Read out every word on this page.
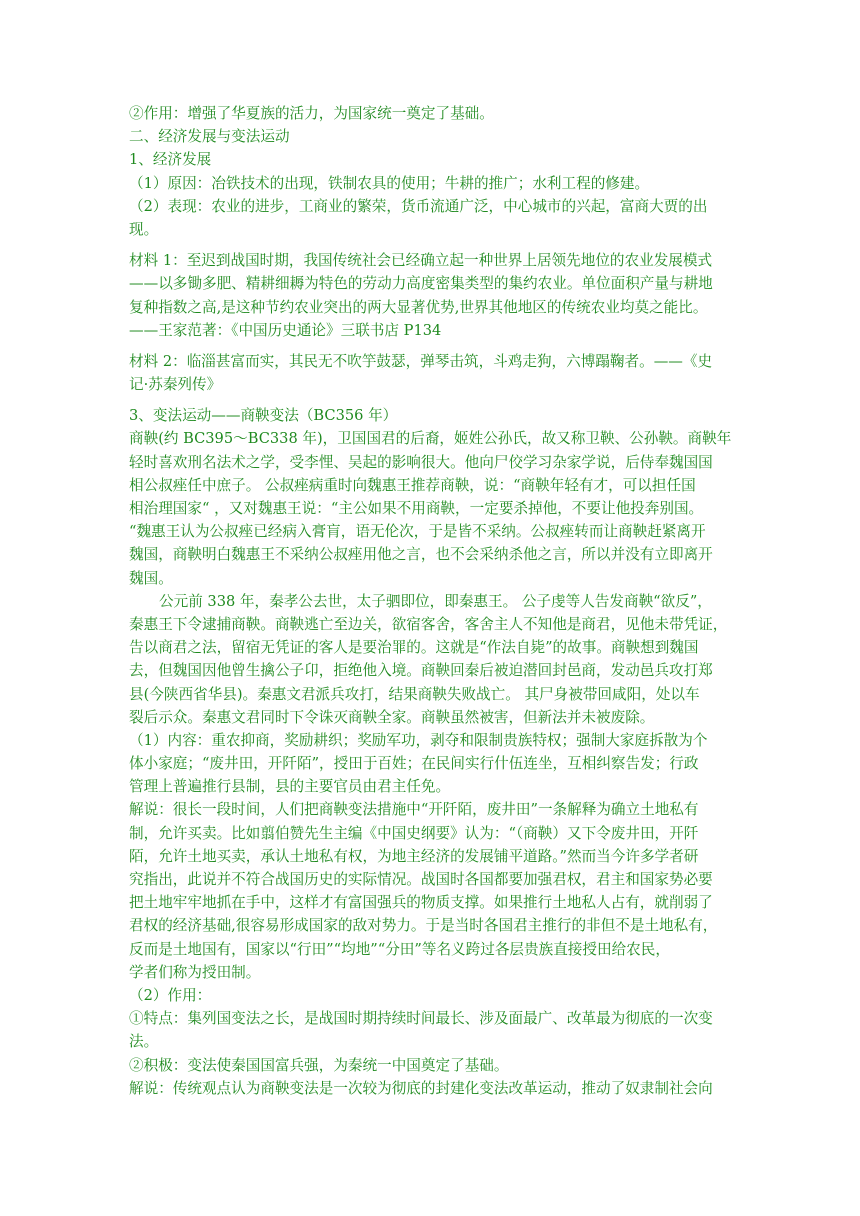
②作用：增强了华夏族的活力，为国家统一奠定了基础。
二、经济发展与变法运动
1、经济发展
（1）原因：冶铁技术的出现，铁制农具的使用；牛耕的推广；水利工程的修建。
（2）表现：农业的进步，工商业的繁荣，货币流通广泛，中心城市的兴起，富商大贾的出
现。
材料 1：至迟到战国时期，我国传统社会已经确立起一种世界上居领先地位的农业发展模式
——以多锄多肥、精耕细耨为特色的劳动力高度密集类型的集约农业。单位面积产量与耕地
复种指数之高,是这种节约农业突出的两大显著优势,世界其他地区的传统农业均莫之能比。
——王家范著：《中国历史通论》三联书店 P134
材料 2：临淄甚富而实，其民无不吹竽鼓瑟，弹琴击筑，斗鸡走狗，六博蹋鞠者。——《史
记·苏秦列传》
3、变法运动——商鞅变法（BC356 年）
商鞅(约 BC395～BC338 年)，卫国国君的后裔，姬姓公孙氏，故又称卫鞅、公孙鞅。商鞅年
轻时喜欢刑名法术之学，受李悝、吴起的影响很大。他向尸佼学习杂家学说，后侍奉魏国国
相公叔痤任中庶子。 公叔痤病重时向魏惠王推荐商鞅，说：“商鞅年轻有才，可以担任国
相治理国家“ ，又对魏惠王说：“主公如果不用商鞅，一定要杀掉他，不要让他投奔别国。
“魏惠王认为公叔痤已经病入膏肓，语无伦次，于是皆不采纳。公叔痤转而让商鞅赶紧离开
魏国，商鞅明白魏惠王不采纳公叔痤用他之言，也不会采纳杀他之言，所以并没有立即离开
魏国。
公元前 338 年，秦孝公去世，太子驷即位，即秦惠王。 公子虔等人告发商鞅“欲反”，
秦惠王下令逮捕商鞅。商鞅逃亡至边关，欲宿客舍，客舍主人不知他是商君，见他未带凭证，
告以商君之法，留宿无凭证的客人是要治罪的。这就是“作法自毙”的故事。商鞅想到魏国
去，但魏国因他曾生擒公子卬，拒绝他入境。商鞅回秦后被迫潜回封邑商，发动邑兵攻打郑
县(今陕西省华县)。秦惠文君派兵攻打，结果商鞅失败战亡。 其尸身被带回咸阳，处以车
裂后示众。秦惠文君同时下令诛灭商鞅全家。商鞅虽然被害，但新法并未被废除。
（1）内容：重农抑商，奖励耕织；奖励军功，剥夺和限制贵族特权；强制大家庭拆散为个
体小家庭；“废井田，开阡陌”，授田于百姓；在民间实行什伍连坐，互相纠察告发；行政
管理上普遍推行县制，县的主要官员由君主任免。
解说：很长一段时间，人们把商鞅变法措施中“开阡陌，废井田”一条解释为确立土地私有
制，允许买卖。比如翦伯赞先生主编《中国史纲要》认为：“（商鞅）又下令废井田，开阡
陌，允许土地买卖，承认土地私有权，为地主经济的发展铺平道路。”然而当今许多学者研
究指出，此说并不符合战国历史的实际情况。战国时各国都要加强君权，君主和国家势必要
把土地牢牢地抓在手中，这样才有富国强兵的物质支撑。如果推行土地私人占有，就削弱了
君权的经济基础,很容易形成国家的敌对势力。于是当时各国君主推行的非但不是土地私有，
反而是土地国有，国家以“行田”“均地”“分田”等名义跨过各层贵族直接授田给农民，
学者们称为授田制。
（2）作用：
①特点：集列国变法之长，是战国时期持续时间最长、涉及面最广、改革最为彻底的一次变
法。
②积极：变法使秦国国富兵强，为秦统一中国奠定了基础。
解说：传统观点认为商鞅变法是一次较为彻底的封建化变法改革运动，推动了奴隶制社会向
